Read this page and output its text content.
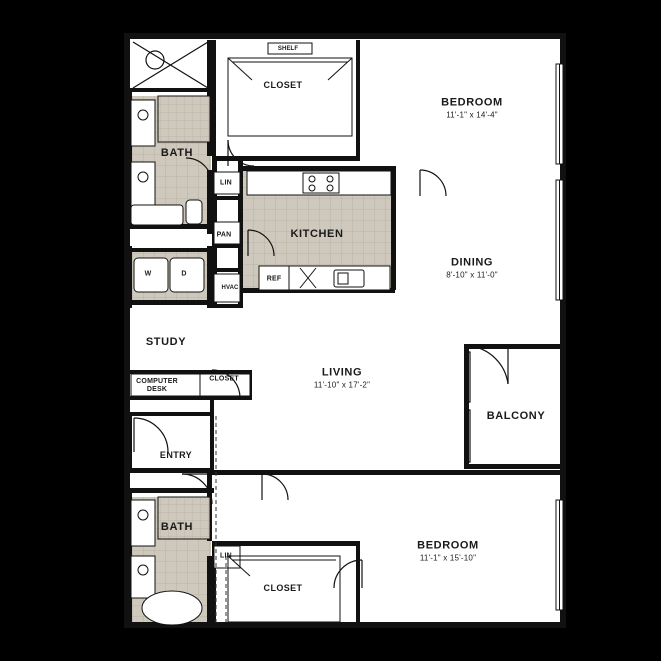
BEDROOM
11'-1" x 14'-4"
BEDROOM
11'-1" x 15'-10"
LIVING
11'-10" x 17'-2"
DINING
8'-10" x 11'-0"
KITCHEN
BATH
BATH
BALCONY
STUDY
ENTRY
CLOSET
CLOSET
CLOSET
SHELF
LIN
PAN
HVAC
REF
W	D
LIN
COMPUTER
DESK
